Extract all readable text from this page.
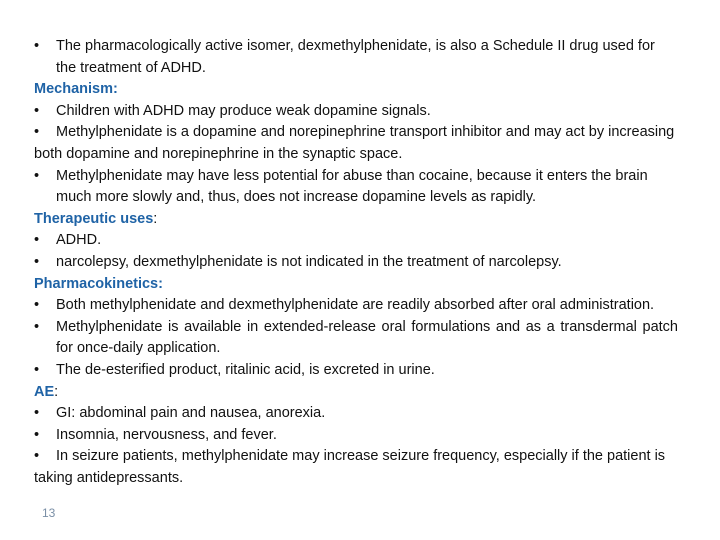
• The pharmacologically active isomer, dexmethylphenidate, is also a Schedule II drug used for the treatment of ADHD.

Mechanism:

• Children with ADHD may produce weak dopamine signals.

• Methylphenidate is a dopamine and norepinephrine transport inhibitor and may act by increasing both dopamine and norepinephrine in the synaptic space.

• Methylphenidate may have less potential for abuse than cocaine, because it enters the brain much more slowly and, thus, does not increase dopamine levels as rapidly.

Therapeutic uses:

• ADHD.

• narcolepsy, dexmethylphenidate is not indicated in the treatment of narcolepsy.

Pharmacokinetics:

• Both methylphenidate and dexmethylphenidate are readily absorbed after oral administration.

• Methylphenidate is available in extended-release oral formulations and as a transdermal patch for once-daily application.

• The de-esterified product, ritalinic acid, is excreted in urine.

AE:

• GI: abdominal pain and nausea, anorexia.

• Insomnia, nervousness, and fever.

• In seizure patients, methylphenidate may increase seizure frequency, especially if the patient is taking antidepressants.

13
